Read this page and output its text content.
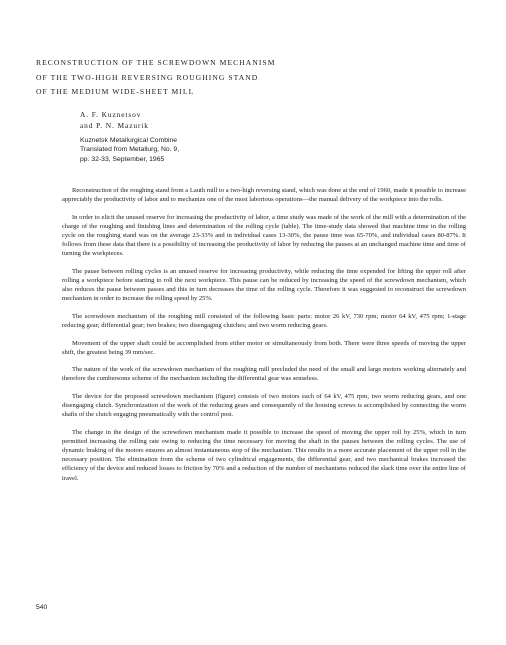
RECONSTRUCTION OF THE SCREWDOWN MECHANISM
OF THE TWO-HIGH REVERSING ROUGHING STAND
OF THE MEDIUM WIDE-SHEET MILL
A. F. Kuznetsov
and P. N. Mazurik
Kuznetsk Metallurgical Combine
Translated from Metallurg, No. 9,
pp. 32-33, September, 1965

Reconstruction of the roughing stand from a Lauth mill to a two-high reversing stand, which was done at the end of 1960, made it possible to increase appreciably the productivity of labor and to mechanize one of the most laborious operations—the manual delivery of the workpiece into the rolls.

In order to elicit the unused reserve for increasing the productivity of labor, a time study was made of the work of the mill with a determination of the charge of the roughing and finishing lines and determination of the rolling cycle (table). The time-study data showed that machine time in the rolling cycle on the roughing stand was on the average 23-33% and in individual cases 13-30%, the pause time was 65-70%, and individual cases 80-87%. It follows from these data that there is a possibility of increasing the productivity of labor by reducing the pauses at an unchanged machine time and time of turning the workpieces.

The pause between rolling cycles is an unused reserve for increasing productivity, while reducing the time expended for lifting the upper roll after rolling a workpiece before starting to roll the next workpiece. This pause can be reduced by increasing the speed of the screwdown mechanism, which also reduces the pause between passes and this in turn decreases the time of the rolling cycle. Therefore it was suggested to reconstruct the screwdown mechanism in order to increase the rolling speed by 25%.

The screwdown mechanism of the roughing mill consisted of the following basic parts: motor 26 kV, 730 rpm; motor 64 kV, 475 rpm; 1-stage reducing gear; differential gear; two brakes; two disengaging clutches; and two worm reducing gears.

Movement of the upper shaft could be accomplished from either motor or simultaneously from both. There were three speeds of moving the upper shift, the greatest being 39 mm/sec.

The nature of the work of the screwdown mechanism of the roughing mill precluded the need of the small and large motors working alternately and therefore the cumbersome scheme of the mechanism including the differential gear was senseless.

The device for the proposed screwdown mechanism (figure) consists of two motors each of 64 kV, 475 rpm, two worm reducing gears, and one disengaging clutch. Synchronization of the work of the reducing gears and consequently of the housing screws is accomplished by connecting the worm shafts of the clutch engaging pneumatically with the control post.

The change in the design of the screwdown mechanism made it possible to increase the speed of moving the upper roll by 25%, which in turn permitted increasing the rolling rate owing to reducing the time necessary for moving the shaft in the pauses between the rolling cycles. The use of dynamic braking of the motors ensures an almost instantaneous stop of the mechanism. This results in a more accurate placement of the upper roll in the necessary position. The elimination from the scheme of two cylindrical engagements, the differential gear, and two mechanical brakes increased the efficiency of the device and reduced losses to friction by 70% and a reduction of the number of mechanisms reduced the slack time over the entire line of travel.

540
